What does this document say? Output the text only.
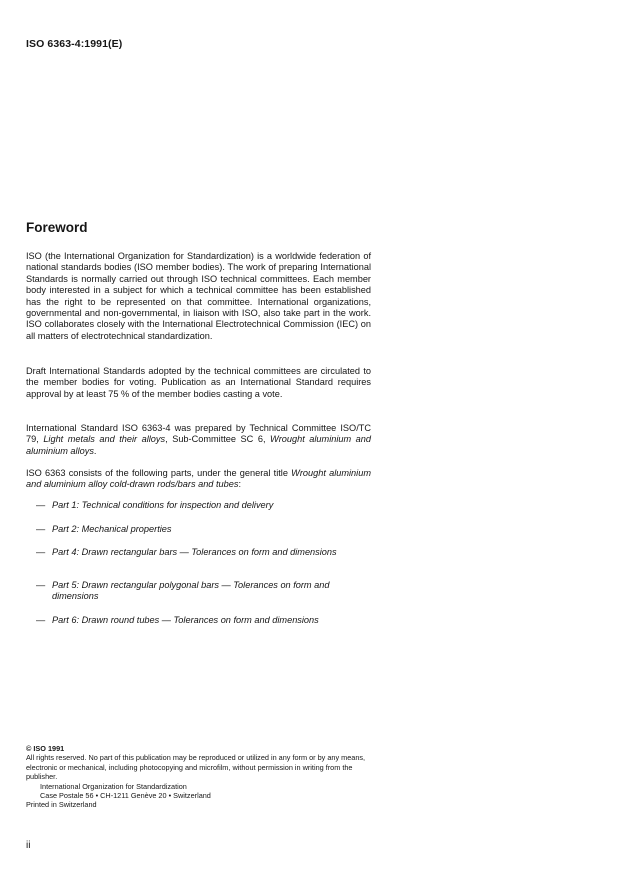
ISO 6363-4:1991(E)
Foreword

ISO (the International Organization for Standardization) is a worldwide federation of national standards bodies (ISO member bodies). The work of preparing International Standards is normally carried out through ISO technical committees. Each member body interested in a subject for which a technical committee has been established has the right to be represented on that committee. International organizations, governmental and non-governmental, in liaison with ISO, also take part in the work. ISO collaborates closely with the International Electrotechnical Commission (IEC) on all matters of electrotechnical standardization.

Draft International Standards adopted by the technical committees are circulated to the member bodies for voting. Publication as an International Standard requires approval by at least 75 % of the member bodies casting a vote.

International Standard ISO 6363-4 was prepared by Technical Committee ISO/TC 79, Light metals and their alloys, Sub-Committee SC 6, Wrought aluminium and aluminium alloys.

ISO 6363 consists of the following parts, under the general title Wrought aluminium and aluminium alloy cold-drawn rods/bars and tubes:

— Part 1: Technical conditions for inspection and delivery
— Part 2: Mechanical properties
— Part 4: Drawn rectangular bars — Tolerances on form and dimensions
— Part 5: Drawn rectangular polygonal bars — Tolerances on form and dimensions
— Part 6: Drawn round tubes — Tolerances on form and dimensions
© ISO 1991
All rights reserved. No part of this publication may be reproduced or utilized in any form or by any means, electronic or mechanical, including photocopying and microfilm, without permission in writing from the publisher.
International Organization for Standardization
Case Postale 56 • CH-1211 Genève 20 • Switzerland
Printed in Switzerland
ii
